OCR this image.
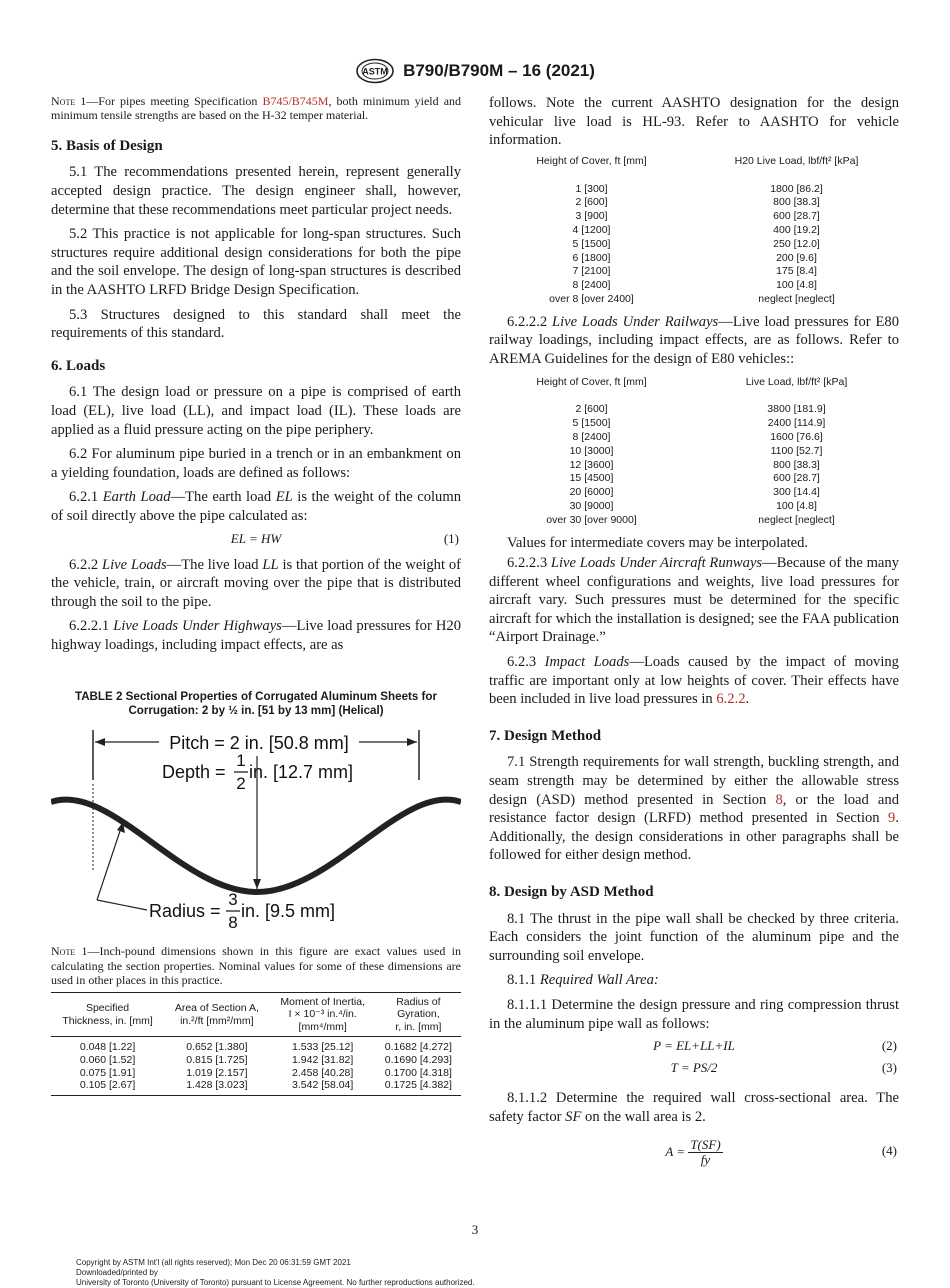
ASTM B790/B790M – 16 (2021)

Note 1—For pipes meeting Specification B745/B745M, both minimum yield and minimum tensile strengths are based on the H-32 temper material.

5. Basis of Design

5.1 The recommendations presented herein, represent generally accepted design practice. The design engineer shall, however, determine that these recommendations meet particular project needs.

5.2 This practice is not applicable for long-span structures. Such structures require additional design considerations for both the pipe and the soil envelope. The design of long-span structures is described in the AASHTO LRFD Bridge Design Specification.

5.3 Structures designed to this standard shall meet the requirements of this standard.

6. Loads

6.1 The design load or pressure on a pipe is comprised of earth load (EL), live load (LL), and impact load (IL). These loads are applied as a fluid pressure acting on the pipe periphery.

6.2 For aluminum pipe buried in a trench or in an embankment on a yielding foundation, loads are defined as follows:

6.2.1 Earth Load—The earth load EL is the weight of the column of soil directly above the pipe calculated as:

EL = HW	(1)

6.2.2 Live Loads—The live load LL is that portion of the weight of the vehicle, train, or aircraft moving over the pipe that is distributed through the soil to the pipe.

6.2.2.1 Live Loads Under Highways—Live load pressures for H20 highway loadings, including impact effects, are as

TABLE 2 Sectional Properties of Corrugated Aluminum Sheets for Corrugation: 2 by ½ in. [51 by 13 mm] (Helical)
Pitch = 2 in. [50.8 mm]
Depth =
1
2
in. [12.7 mm]
Radius =
3
8
in. [9.5 mm]

Note 1—Inch-pound dimensions shown in this figure are exact values used in calculating the section properties. Nominal values for some of these dimensions are used in other places in this practice.

Specified
Thickness, in. [mm]	Area of Section A,
in.²/ft [mm²/mm]	Moment of Inertia,
I × 10⁻³ in.⁴/in.
[mm⁴/mm]	Radius of
Gyration,
r, in. [mm]
0.048 [1.22]	0.652 [1.380]	1.533 [25.12]	0.1682 [4.272]
0.060 [1.52]	0.815 [1.725]	1.942 [31.82]	0.1690 [4.293]
0.075 [1.91]	1.019 [2.157]	2.458 [40.28]	0.1700 [4.318]
0.105 [2.67]	1.428 [3.023]	3.542 [58.04]	0.1725 [4.382]

follows. Note the current AASHTO designation for the design vehicular live load is HL-93. Refer to AASHTO for vehicle information.

Height of Cover, ft [mm]	H20 Live Load, lbf/ft² [kPa]
1 [300]	1800 [86.2]
2 [600]	800 [38.3]
3 [900]	600 [28.7]
4 [1200]	400 [19.2]
5 [1500]	250 [12.0]
6 [1800]	200 [9.6]
7 [2100]	175 [8.4]
8 [2400]	100 [4.8]
over 8 [over 2400]	neglect [neglect]

6.2.2.2 Live Loads Under Railways—Live load pressures for E80 railway loadings, including impact effects, are as follows. Refer to AREMA Guidelines for the design of E80 vehicles::

Height of Cover, ft [mm]	Live Load, lbf/ft² [kPa]
2 [600]	3800 [181.9]
5 [1500]	2400 [114.9]
8 [2400]	1600 [76.6]
10 [3000]	1100 [52.7]
12 [3600]	800 [38.3]
15 [4500]	600 [28.7]
20 [6000]	300 [14.4]
30 [9000]	100 [4.8]
over 30 [over 9000]	neglect [neglect]

Values for intermediate covers may be interpolated.

6.2.2.3 Live Loads Under Aircraft Runways—Because of the many different wheel configurations and weights, live load pressures for aircraft vary. Such pressures must be determined for the specific aircraft for which the installation is designed; see the FAA publication “Airport Drainage.”

6.2.3 Impact Loads—Loads caused by the impact of moving traffic are important only at low heights of cover. Their effects have been included in live load pressures in 6.2.2.

7. Design Method

7.1 Strength requirements for wall strength, buckling strength, and seam strength may be determined by either the allowable stress design (ASD) method presented in Section 8, or the load and resistance factor design (LRFD) method presented in Section 9. Additionally, the design considerations in other paragraphs shall be followed for either design method.

8. Design by ASD Method

8.1 The thrust in the pipe wall shall be checked by three criteria. Each considers the joint function of the aluminum pipe and the surrounding soil envelope.

8.1.1 Required Wall Area:

8.1.1.1 Determine the design pressure and ring compression thrust in the aluminum pipe wall as follows:

P = EL+LL+IL	(2)
T = PS/2	(3)

8.1.1.2 Determine the required wall cross-sectional area. The safety factor SF on the wall area is 2.

$A = \frac{T(SF)}{fy}$	(4)
3
Copyright by ASTM Int'l (all rights reserved); Mon Dec 20 06:31:59 GMT 2021
Downloaded/printed by
University of Toronto (University of Toronto) pursuant to License Agreement. No further reproductions authorized.
